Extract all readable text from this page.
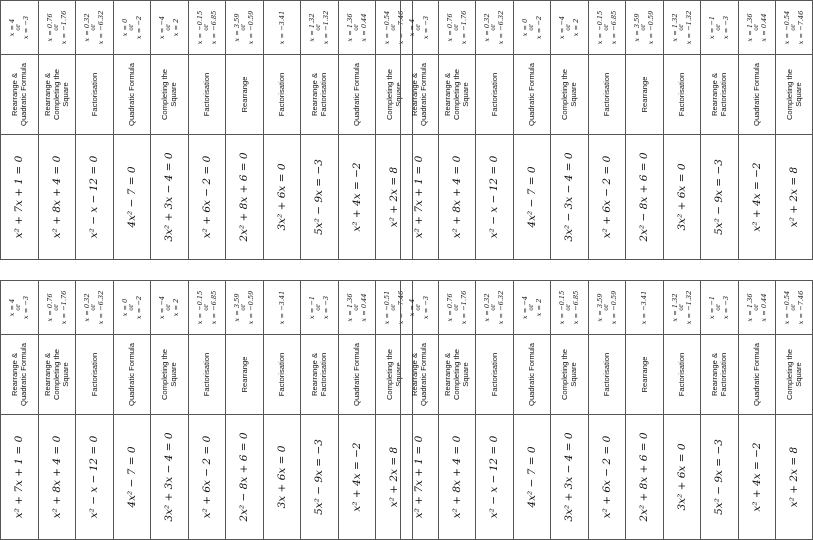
x² + 7x + 1 = 0
Rearrange & Quadratic Formula
x = 4 or x = −3
x² + 8x + 4 = 0
Rearrange & Completing the Square
x = 0.76 or x = −1.76
x² − x − 12 = 0
Factorisation
x = 0.32 or x = −6.32
4x² − 7 = 0
Quadratic Formula
x = 0 or x = −2
3x² + 3x − 4 = 0
Completing the Square
x = −4 or x = 2
x² + 6x − 2 = 0
Factorisation
x = −0.15 or x = −6.85
2x² + 8x + 6 = 0
Rearrange
x = 3.59 or x = −0.59
3x² + 6x = 0
Factorisation
x = −3.41
5x² − 9x = −3
Rearrange & Factorisation
x = 1.32 or x = −1.32
x² + 4x = −2
Quadratic Formula
x = 1.36 or x = 0.44
x² + 2x = 8
Completing the Square
x = −0.54 or x = −7.46
x² + 7x + 1 = 0
Rearrange & Quadratic Formula
x = 4 or x = −3
x² + 8x + 4 = 0
Rearrange & Completing the Square
x = 0.76 or x = −1.76
x² − x − 12 = 0
Factorisation
x = 0.32 or x = −6.32
4x² − 7 = 0
Quadratic Formula
x = 0 or x = −2
3x² − 3x − 4 = 0
Completing the Square
x = −4 or x = 2
x² + 6x − 2 = 0
Factorisation
x = −0.15 or x = −6.85
2x² − 8x + 6 = 0
Rearrange
x = 3.59 or x = −0.59
3x² + 6x = 0
Factorisation
x = 1.32 or x = −1.32
5x² − 9x = −3
Rearrange & Factorisation
x = −1 or x = −3
x² + 4x = −2
Quadratic Formula
x = 1.36 or x = 0.44
x² + 2x = 8
Completing the Square
x = −0.54 or x = −7.46
x² + 7x + 1 = 0
Rearrange & Quadratic Formula
x = 4 or x = −3
x² + 8x + 4 = 0
Rearrange & Completing the Square
x = 0.76 or x = −1.76
x² − x − 12 = 0
Factorisation
x = 0.32 or x = −6.32
4x² − 7 = 0
Quadratic Formula
x = 0 or x = −2
3x² + 3x − 4 = 0
Completing the Square
x = −4 or x = 2
x² + 6x − 2 = 0
Factorisation
x = −0.15 or x = −6.85
2x² − 8x + 6 = 0
Rearrange
x = 3.59 or x = −0.59
3x + 6x = 0
Factorisation
x = −3.41
5x² − 9x = −3
Rearrange & Factorisation
x = −1 or x = −3
x² + 4x = −2
Quadratic Formula
x = 1.36 or x = 0.44
x² + 2x = 8
Completing the Square
x = −0.51 or x = −7.46
x² + 7x + 1 = 0
Rearrange & Quadratic Formula
x = 4 or x = −3
x² + 8x + 4 = 0
Rearrange & Completing the Square
x = 0.76 or x = −1.76
x² − x − 12 = 0
Factorisation
x = 0.32 or x = −6.32
4x² − 7 = 0
Quadratic Formula
x = −4 or x = 2
3x² + 3x − 4 = 0
Completing the Square
x = −0.15 or x = −6.85
x² + 6x − 2 = 0
Factorisation
x = 3.59 or x = −0.59
2x² + 8x + 6 = 0
Rearrange
x = −3.41
3x² + 6x = 0
Factorisation
x = 1.32 or x = −1.32
5x² − 9x = −3
Rearrange & Factorisation
x = −1 or x = −3
x² + 4x = −2
Quadratic Formula
x = 1.36 or x = 0.44
x² + 2x = 8
Completing the Square
x = −0.54 or x = −7.46
